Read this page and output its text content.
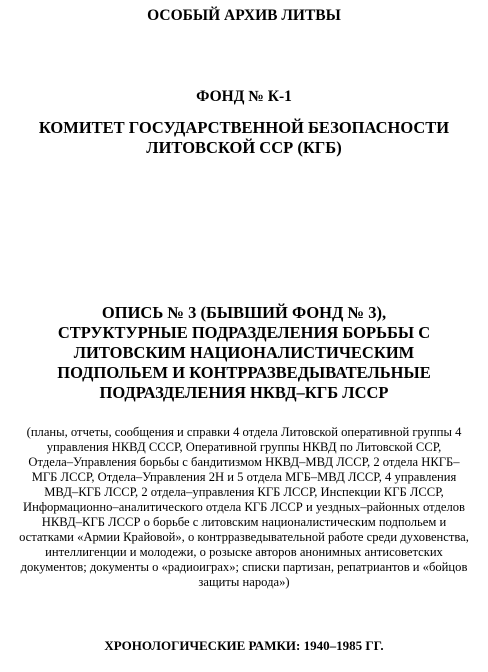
ОСОБЫЙ АРХИВ ЛИТВЫ
ФОНД № К-1
КОМИТЕТ ГОСУДАРСТВЕННОЙ БЕЗОПАСНОСТИ
ЛИТОВСКОЙ ССР (КГБ)
ОПИСЬ № 3 (БЫВШИЙ ФОНД № 3),
СТРУКТУРНЫЕ ПОДРАЗДЕЛЕНИЯ БОРЬБЫ С
ЛИТОВСКИМ НАЦИОНАЛИСТИЧЕСКИМ
ПОДПОЛЬЕМ И КОНТРРАЗВЕДЫВАТЕЛЬНЫЕ
ПОДРАЗДЕЛЕНИЯ НКВД–КГБ ЛССР
(планы, отчеты, сообщения и справки 4 отдела Литовской оперативной группы 4
управления НКВД СССР, Оперативной группы НКВД по Литовской ССР,
Отдела–Управления борьбы с бандитизмом НКВД–МВД ЛССР, 2 отдела НКГБ–
МГБ ЛССР, Отдела–Управления 2Н и 5 отдела МГБ–МВД ЛССР, 4 управления
МВД–КГБ ЛССР, 2 отдела–управления КГБ ЛССР, Инспекции КГБ ЛССР,
Информационно–аналитического отдела КГБ ЛССР и уездных–районных отделов
НКВД–КГБ ЛССР о борьбе с литовским националистическим подпольем и
остатками «Армии Крайовой», о контрразведывательной работе среди духовенства,
интеллигенции и молодежи, о розыске авторов анонимных антисоветских
документов; документы о «радиоиграх»; списки партизан, репатриантов и «бойцов
защиты народа»)
ХРОНОЛОГИЧЕСКИЕ РАМКИ: 1940–1985 ГГ.
